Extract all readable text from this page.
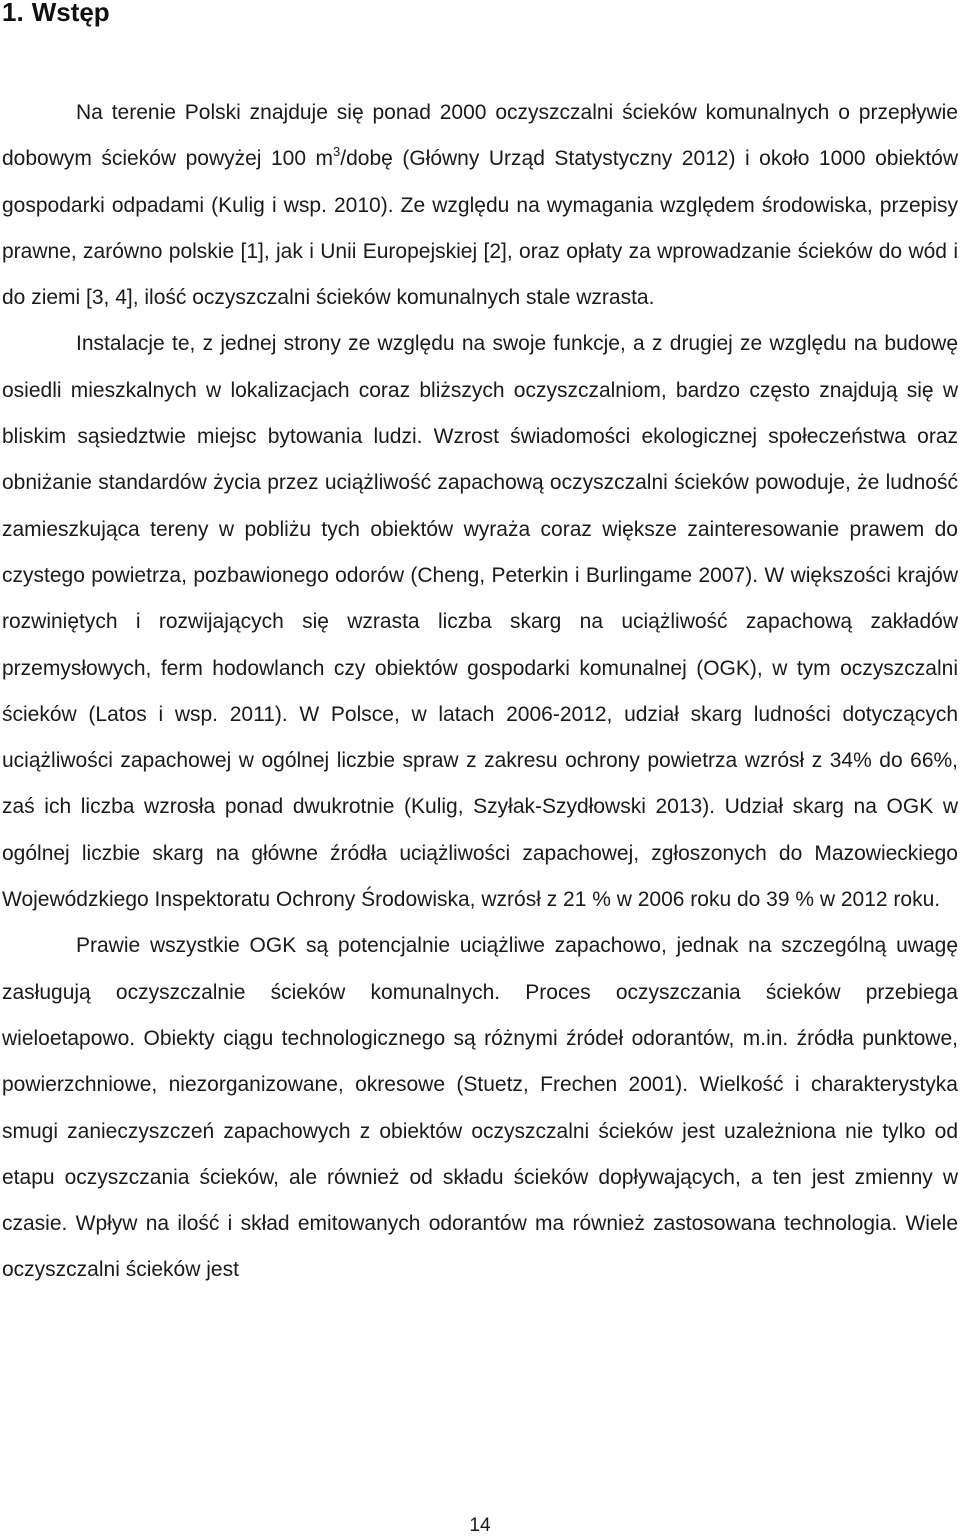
1. Wstęp

Na terenie Polski znajduje się ponad 2000 oczyszczalni ścieków komunalnych o przepływie dobowym ścieków powyżej 100 $m^3$/dobę (Główny Urząd Statystyczny 2012) i około 1000 obiektów gospodarki odpadami (Kulig i wsp. 2010). Ze względu na wymagania względem środowiska, przepisy prawne, zarówno polskie [1], jak i Unii Europejskiej [2], oraz opłaty za wprowadzanie ścieków do wód i do ziemi [3, 4], ilość oczyszczalni ścieków komunalnych stale wzrasta.

Instalacje te, z jednej strony ze względu na swoje funkcje, a z drugiej ze względu na budowę osiedli mieszkalnych w lokalizacjach coraz bliższych oczyszczalniom, bardzo często znajdują się w bliskim sąsiedztwie miejsc bytowania ludzi. Wzrost świadomości ekologicznej społeczeństwa oraz obniżanie standardów życia przez uciążliwość zapachową oczyszczalni ścieków powoduje, że ludność zamieszkująca tereny w pobliżu tych obiektów wyraża coraz większe zainteresowanie prawem do czystego powietrza, pozbawionego odorów (Cheng, Peterkin i Burlingame 2007). W większości krajów rozwiniętych i rozwijających się wzrasta liczba skarg na uciążliwość zapachową zakładów przemysłowych, ferm hodowlanch czy obiektów gospodarki komunalnej (OGK), w tym oczyszczalni ścieków (Latos i wsp. 2011). W Polsce, w latach 2006-2012, udział skarg ludności dotyczących uciążliwości zapachowej w ogólnej liczbie spraw z zakresu ochrony powietrza wzrósł z 34% do 66%, zaś ich liczba wzrosła ponad dwukrotnie (Kulig, Szyłak-Szydłowski 2013). Udział skarg na OGK w ogólnej liczbie skarg na główne źródła uciążliwości zapachowej, zgłoszonych do Mazowieckiego Wojewódzkiego Inspektoratu Ochrony Środowiska, wzrósł z 21 % w 2006 roku do 39 % w 2012 roku.

Prawie wszystkie OGK są potencjalnie uciążliwe zapachowo, jednak na szczególną uwagę zasługują oczyszczalnie ścieków komunalnych. Proces oczyszczania ścieków przebiega wieloetapowo. Obiekty ciągu technologicznego są różnymi źródeł odorantów, m.in. źródła punktowe, powierzchniowe, niezorganizowane, okresowe (Stuetz, Frechen 2001). Wielkość i charakterystyka smugi zanieczyszczeń zapachowych z obiektów oczyszczalni ścieków jest uzależniona nie tylko od etapu oczyszczania ścieków, ale również od składu ścieków dopływających, a ten jest zmienny w czasie. Wpływ na ilość i skład emitowanych odorantów ma również zastosowana technologia. Wiele oczyszczalni ścieków jest

14
